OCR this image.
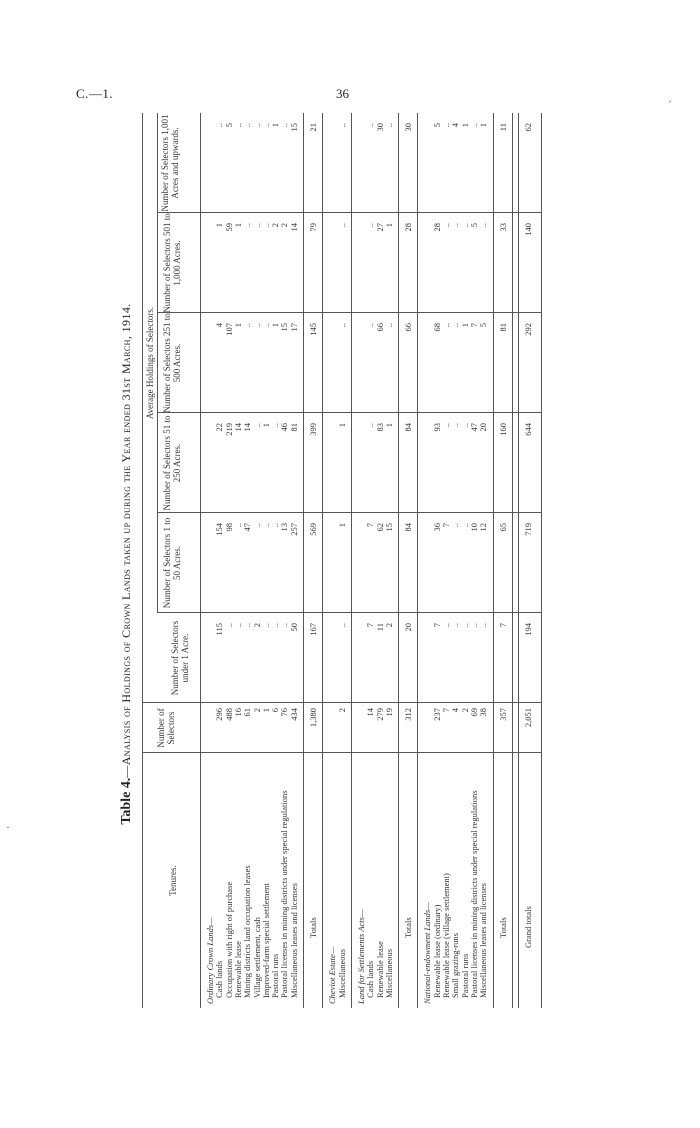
C.—1.	36
ˊ
·
Table 4.—Analysis of Holdings of Crown Lands taken up during the Year ended 31st March, 1914.
Tenures.
Number of Selectors
Average Holdings of Selectors.
Number of Selectors under 1 Acre.
Number of Selectors 1 to 50 Acres.
Number of Selectors 51 to 250 Acres.
Number of Selectors 251 to 500 Acres.
Number of Selectors 501 to 1,000 Acres.
Number of Selectors 1,001 Acres and upwards.
Ordinary Crown Lands— Cash lands
296
115
154
22
4
1
..
Occupation with right of purchase
488
..
98
219
107
59
5
Renewable lease
16
..
..
14
1
1
..
Mining districts land occupation leases
61
..
47
14
..
..
..
Village settlement, cash
2
2
..
..
..
..
..
Improved-farm special settlement
1
..
..
1
..
..
..
Pastoral runs
6
..
..
..
1
2
1
Pastoral licenses in mining districts under special regulations
76
..
13
46
15
2
..
Miscellaneous leases and licenses
434
50
257
81
17
14
15
Totals
1,380
167
569
399
145
79
21
Cheviot Estate— Miscellaneous
2
..
1
1
..
..
..
Land for Settlements Acts— Cash lands
14
7
7
..
..
..
..
Renewable lease
279
11
62
83
66
27
30
Miscellaneous
19
2
15
1
..
1
..
Totals
312
20
84
84
66
28
30
National-endowment Lands— Renewable lease (ordinary)
237
7
36
93
68
28
5
Renewable lease (village settlement)
7
..
7
..
..
..
..
Small grazing-runs
4
..
..
..
..
..
4
Pastoral runs
2
..
..
..
1
..
1
Pastoral licenses in mining districts under special regulations
69
..
10
47
7
5
..
Miscellaneous leases and licenses
38
..
12
20
5
..
1
Totals
357
7
65
160
81
33
11
Grand totals
2,051
194
719
644
292
140
62
